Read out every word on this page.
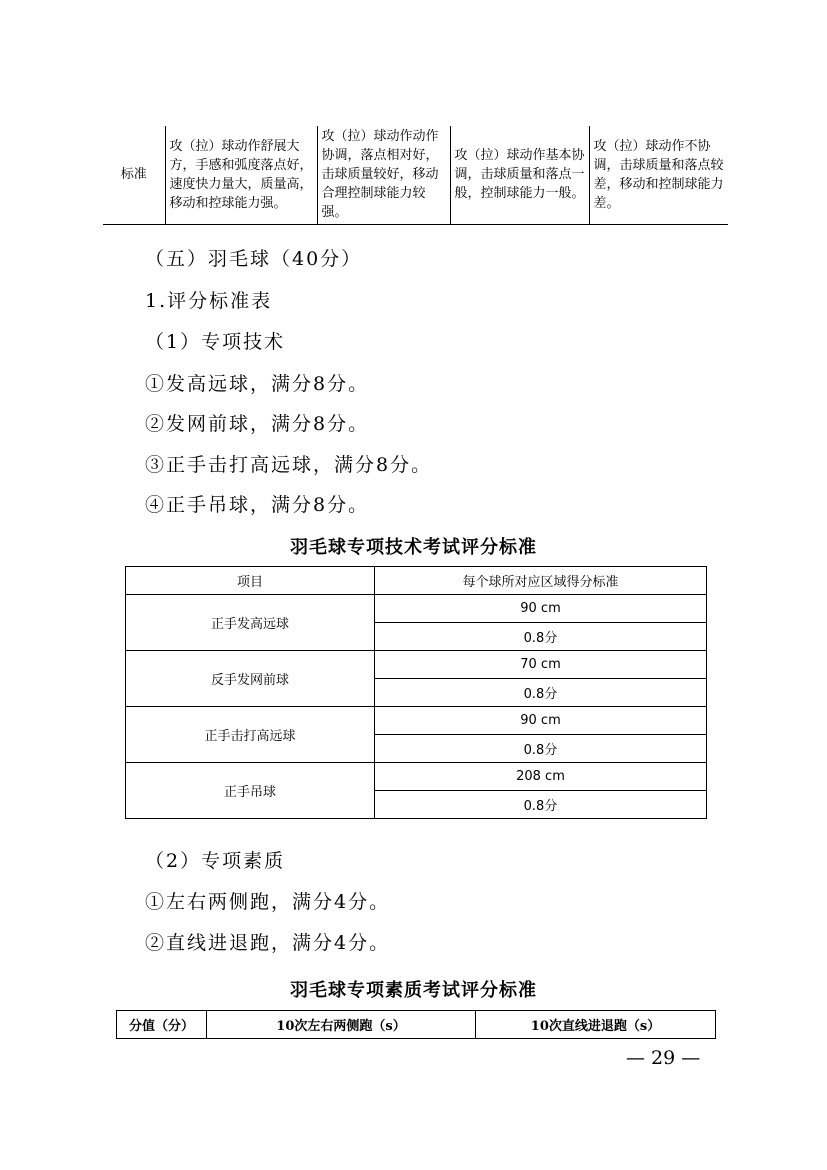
标准	攻（拉）球动作舒展大方，手感和弧度落点好，速度快力量大，质量高，移动和控球能力强。	攻（拉）球动作动作协调，落点相对好，击球质量较好，移动合理控制球能力较强。	攻（拉）球动作基本协调，击球质量和落点一般，控制球能力一般。	攻（拉）球动作不协调，击球质量和落点较差，移动和控制球能力差。
（五）羽毛球（40分）
1.评分标准表
（1）专项技术
①发高远球，满分8分。
②发网前球，满分8分。
③正手击打高远球，满分8分。
④正手吊球，满分8分。
羽毛球专项技术考试评分标准
项目	每个球所对应区域得分标准
正手发高远球	90 cm
	0.8分
反手发网前球	70 cm
	0.8分
正手击打高远球	90 cm
	0.8分
正手吊球	208 cm
	0.8分
（2）专项素质
①左右两侧跑，满分4分。
②直线进退跑，满分4分。
羽毛球专项素质考试评分标准
分值（分）	10次左右两侧跑（s）	10次直线进退跑（s）
— 29 —
